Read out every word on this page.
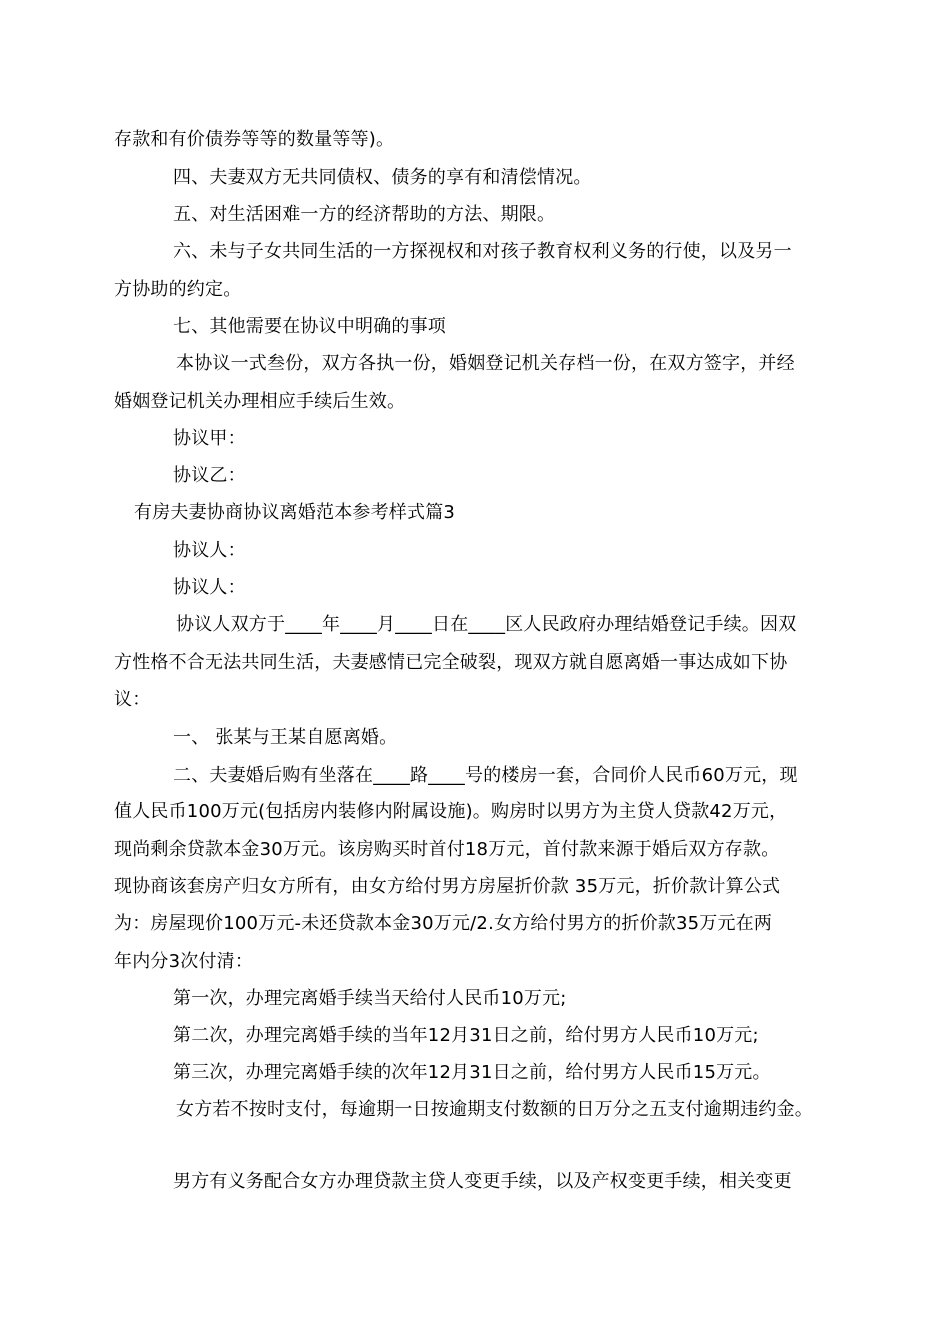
存款和有价债券等等的数量等等)。
四、夫妻双方无共同债权、债务的享有和清偿情况。
五、对生活困难一方的经济帮助的方法、期限。
六、未与子女共同生活的一方探视权和对孩子教育权利义务的行使，以及另一
方协助的约定。
七、其他需要在协议中明确的事项
本协议一式叁份，双方各执一份，婚姻登记机关存档一份，在双方签字，并经
婚姻登记机关办理相应手续后生效。
协议甲：
协议乙：
有房夫妻协商协议离婚范本参考样式篇3
协议人：
协议人：
协议人双方于____年____月____日在____区人民政府办理结婚登记手续。因双
方性格不合无法共同生活，夫妻感情已完全破裂，现双方就自愿离婚一事达成如下协
议：
一、 张某与王某自愿离婚。
二、夫妻婚后购有坐落在____路____号的楼房一套，合同价人民币60万元，现
值人民币100万元(包括房内装修内附属设施)。购房时以男方为主贷人贷款42万元，
现尚剩余贷款本金30万元。该房购买时首付18万元，首付款来源于婚后双方存款。
现协商该套房产归女方所有，由女方给付男方房屋折价款 35万元，折价款计算公式
为：房屋现价100万元-未还贷款本金30万元/2.女方给付男方的折价款35万元在两
年内分3次付清：
第一次，办理完离婚手续当天给付人民币10万元;
第二次，办理完离婚手续的当年12月31日之前，给付男方人民币10万元;
第三次，办理完离婚手续的次年12月31日之前，给付男方人民币15万元。
女方若不按时支付，每逾期一日按逾期支付数额的日万分之五支付逾期违约金。
男方有义务配合女方办理贷款主贷人变更手续，以及产权变更手续，相关变更
